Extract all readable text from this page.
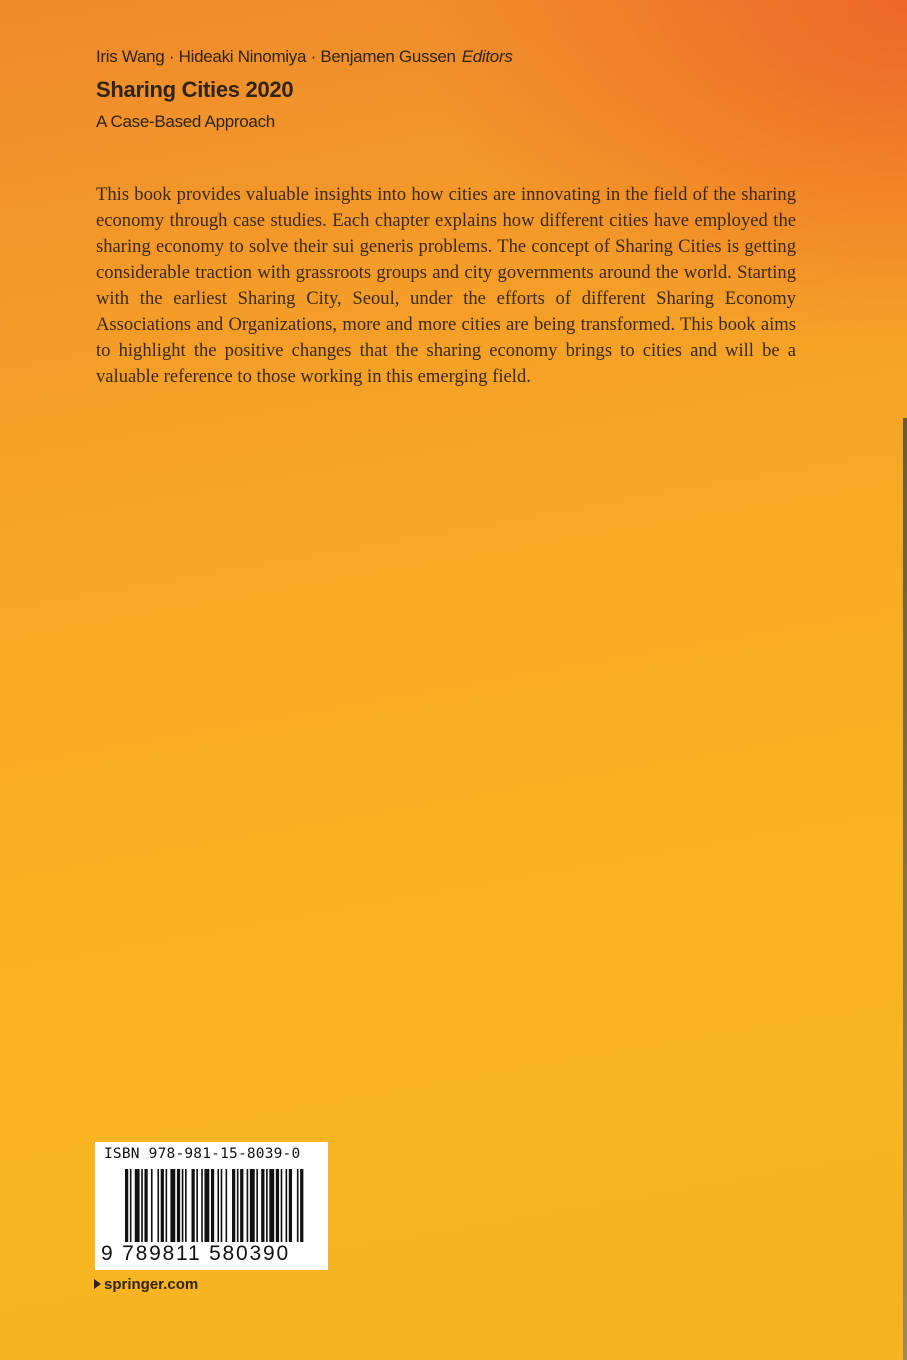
Iris Wang · Hideaki Ninomiya · Benjamen Gussen Editors
Sharing Cities 2020
A Case-Based Approach

This book provides valuable insights into how cities are innovating in the field of the sharing economy through case studies. Each chapter explains how different cities have employed the sharing economy to solve their sui generis problems. The concept of Sharing Cities is getting considerable traction with grassroots groups and city governments around the world. Starting with the earliest Sharing City, Seoul, under the efforts of different Sharing Economy Associations and Organizations, more and more cities are being transformed. This book aims to highlight the positive changes that the sharing economy brings to cities and will be a valuable reference to those working in this emerging field.

ISBN 978-981-15-8039-0
9 789811 580390
springer.com
